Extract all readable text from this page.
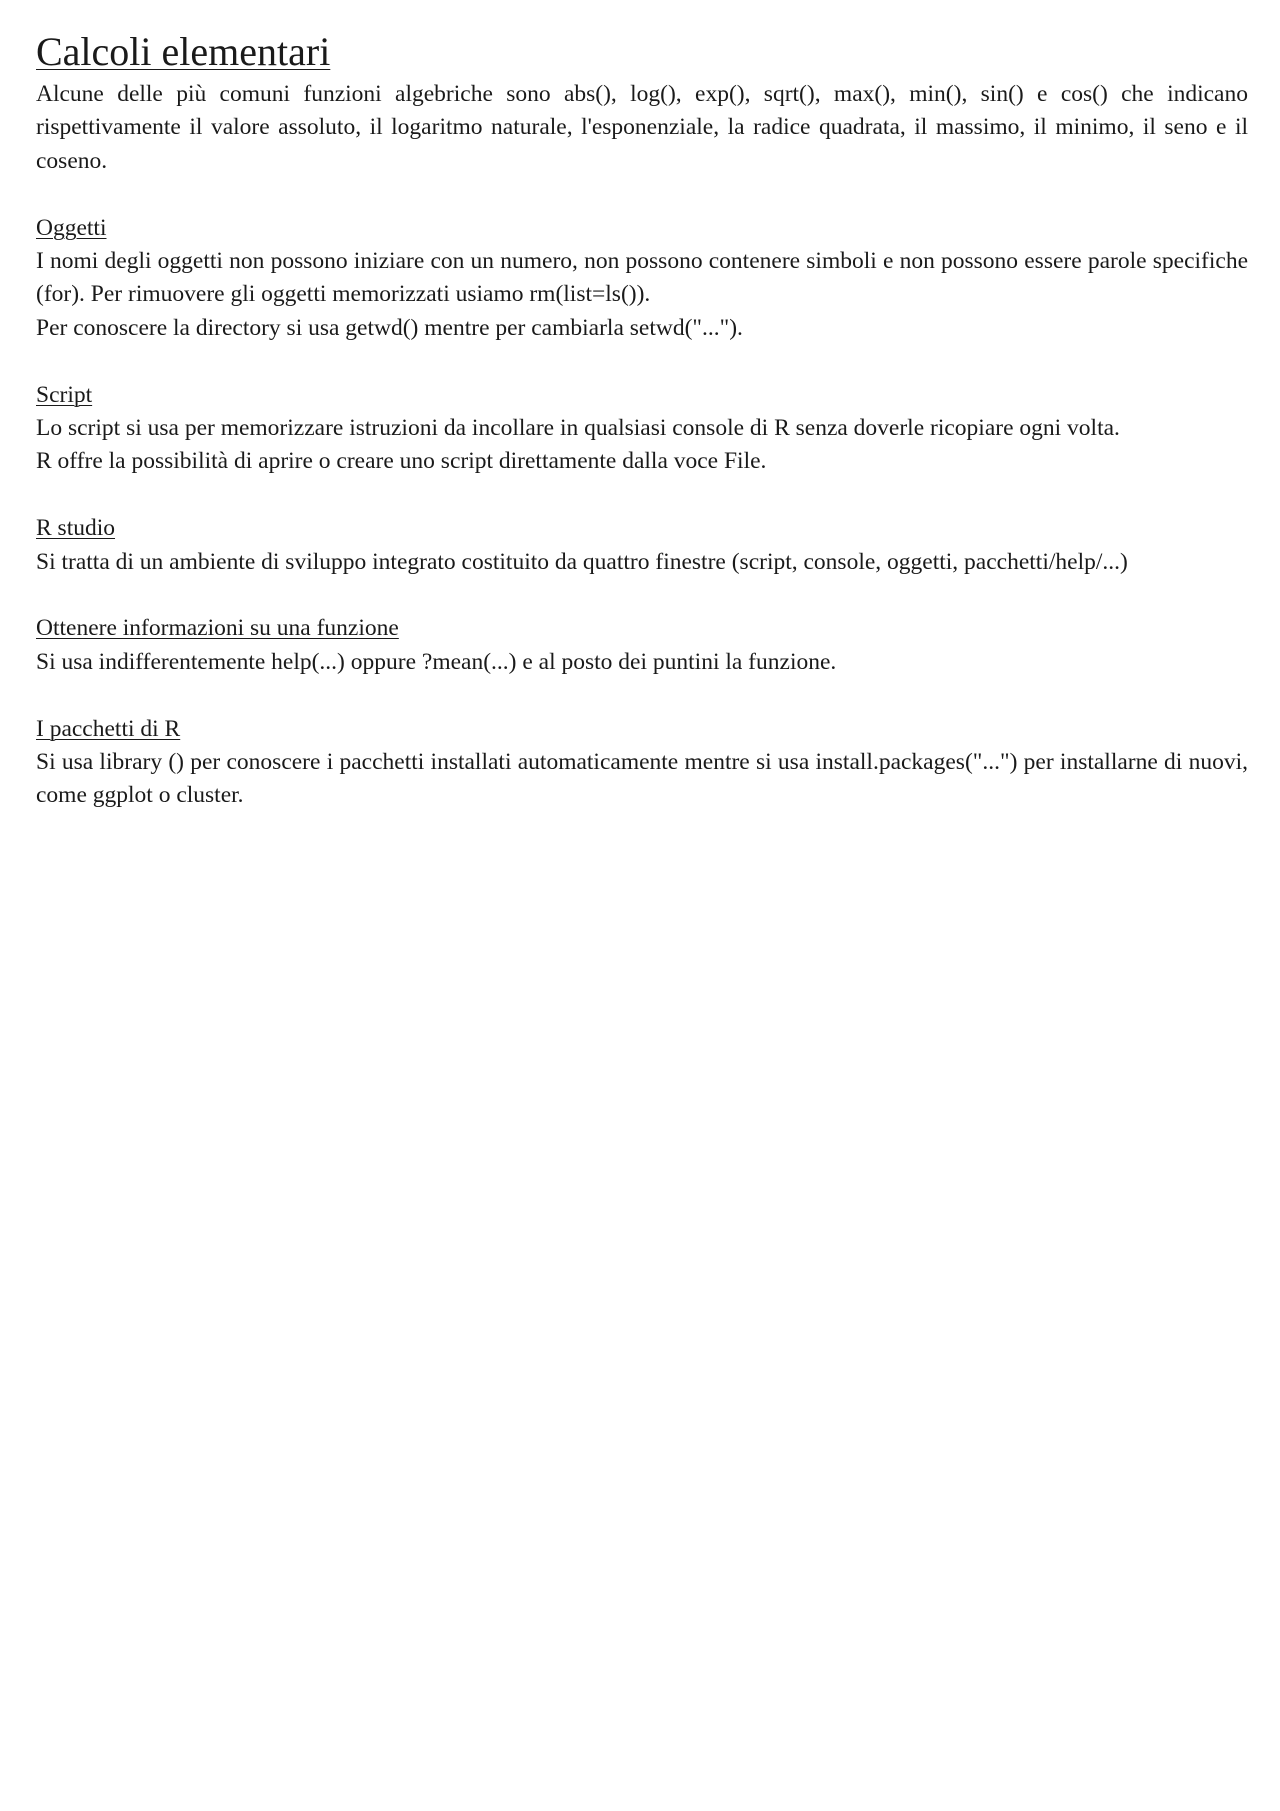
Calcoli elementari

Alcune delle più comuni funzioni algebriche sono abs(), log(), exp(), sqrt(), max(), min(), sin() e cos() che indicano rispettivamente il valore assoluto, il logaritmo naturale, l'esponenziale, la radice quadrata, il massimo, il minimo, il seno e il coseno.

Oggetti

I nomi degli oggetti non possono iniziare con un numero, non possono contenere simboli e non possono essere parole specifiche (for). Per rimuovere gli oggetti memorizzati usiamo rm(list=ls()).

Per conoscere la directory si usa getwd() mentre per cambiarla setwd("...").

Script

Lo script si usa per memorizzare istruzioni da incollare in qualsiasi console di R senza doverle ricopiare ogni volta.

R offre la possibilità di aprire o creare uno script direttamente dalla voce File.

R studio

Si tratta di un ambiente di sviluppo integrato costituito da quattro finestre (script, console, oggetti, pacchetti/help/...)

Ottenere informazioni su una funzione

Si usa indifferentemente help(...) oppure ?mean(...) e al posto dei puntini la funzione.

I pacchetti di R

Si usa library () per conoscere i pacchetti installati automaticamente mentre si usa install.packages("...") per installarne di nuovi, come ggplot o cluster.
